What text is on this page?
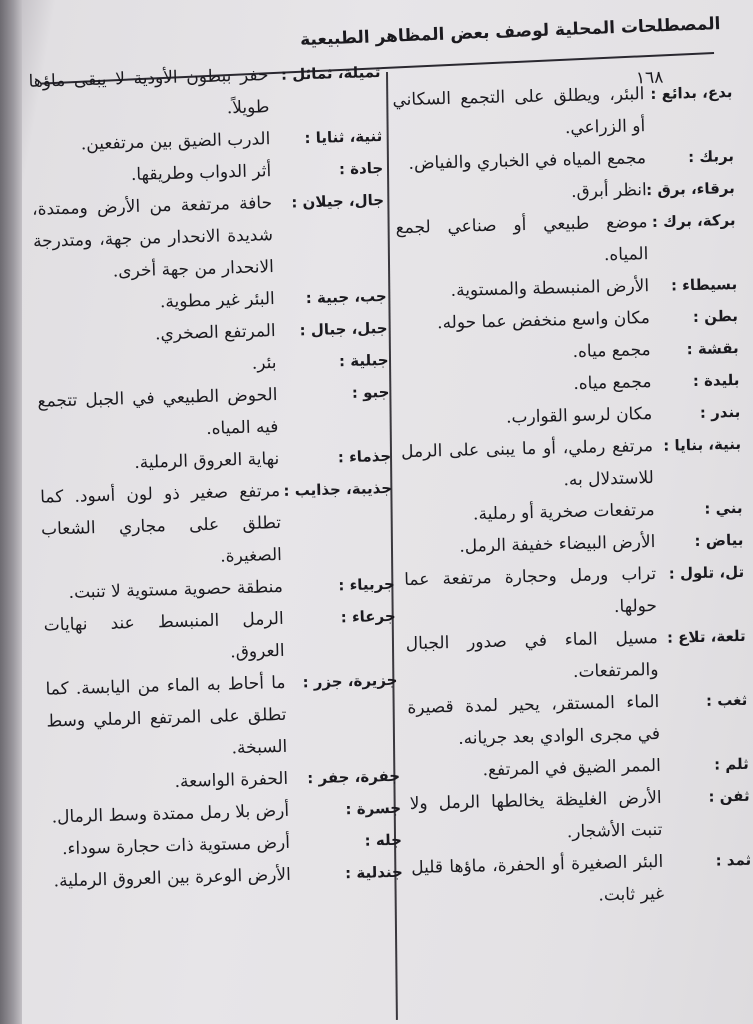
المصطلحات المحلية لوصف بعض المظاهر الطبيعية
١٦٨
بدع، بدائع :
البئر، ويطلق على التجمع السكاني أو الزراعي.
بربك :
مجمع المياه في الخباري والفياض.
برقاء، برق :
انظر أبرق.
بركة، برك :
موضع طبيعي أو صناعي لجمع المياه.
بسيطاء :
الأرض المنبسطة والمستوية.
بطن :
مكان واسع منخفض عما حوله.
بقشة :
مجمع مياه.
بليدة :
مجمع مياه.
بندر :
مكان لرسو القوارب.
بنية، بنايا :
مرتفع رملي، أو ما يبنى على الرمل للاستدلال به.
بني :
مرتفعات صخرية أو رملية.
بياض :
الأرض البيضاء خفيفة الرمل.
تل، تلول :
تراب ورمل وحجارة مرتفعة عما حولها.
تلعة، تلاع :
مسيل الماء في صدور الجبال والمرتفعات.
ثغب :
الماء المستقر، يحير لمدة قصيرة في مجرى الوادي بعد جريانه.
ثلم :
الممر الضيق في المرتفع.
ثفن :
الأرض الغليظة يخالطها الرمل ولا تنبت الأشجار.
ثمد :
البئر الصغيرة أو الحفرة، ماؤها قليل غير ثابت.
ثميلة، ثمائل :
حفر ببطون الأودية لا يبقى ماؤها طويلاً.
ثنية، ثنايا :
الدرب الضيق بين مرتفعين.
جادة :
أثر الدواب وطريقها.
جال، جيلان :
حافة مرتفعة من الأرض وممتدة، شديدة الانحدار من جهة، ومتدرجة الانحدار من جهة أخرى.
جب، جبية :
البئر غير مطوية.
جبل، جبال :
المرتفع الصخري.
جبلية :
بئر.
جبو :
الحوض الطبيعي في الجبل تتجمع فيه المياه.
جذماء :
نهاية العروق الرملية.
جذيبة، جذايب :
مرتفع صغير ذو لون أسود. كما تطلق على مجاري الشعاب الصغيرة.
جربياء :
منطقة حصوية مستوية لا تنبت.
جرعاء :
الرمل المنبسط عند نهايات العروق.
جزيرة، جزر :
ما أحاط به الماء من اليابسة. كما تطلق على المرتفع الرملي وسط السبخة.
جفرة، جفر :
الحفرة الواسعة.
جسرة :
أرض بلا رمل ممتدة وسط الرمال.
جله :
أرض مستوية ذات حجارة سوداء.
جندلية :
الأرض الوعرة بين العروق الرملية.
